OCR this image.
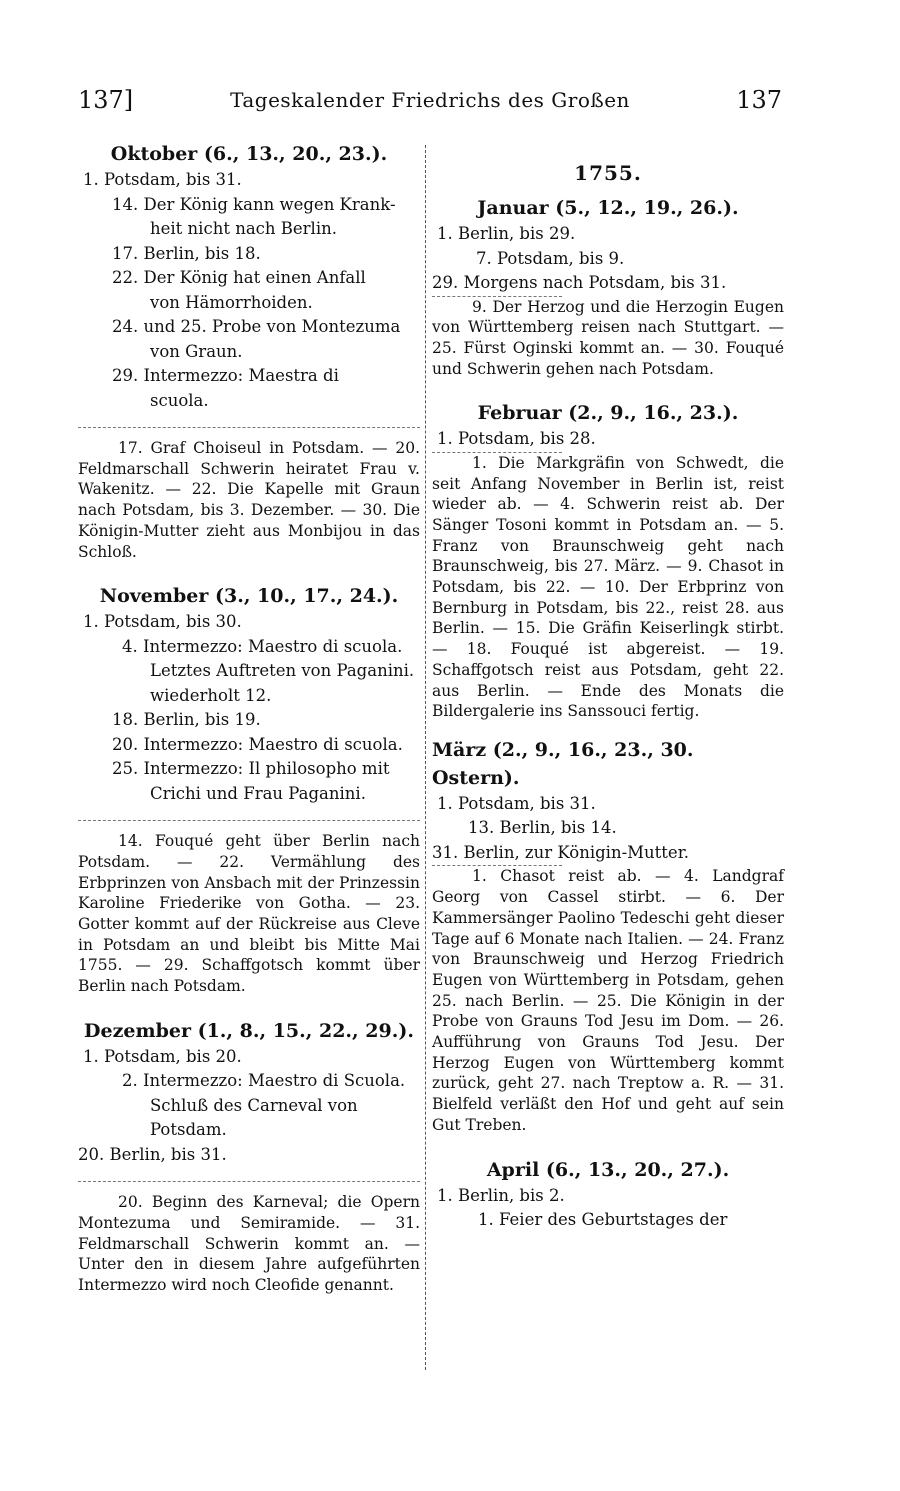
137]	Tageskalender Friedrichs des Großen	137
Oktober (6., 13., 20., 23.).
1. Potsdam, bis 31.
14. Der König kann wegen Krank-
heit nicht nach Berlin.
17. Berlin, bis 18.
22. Der König hat einen Anfall
von Hämorrhoiden.
24. und 25. Probe von Montezuma
von Graun.
29. Intermezzo: Maestra di
scuola.

17. Graf Choiseul in Potsdam. — 20. Feldmarschall Schwerin heiratet Frau v. Wakenitz. — 22. Die Kapelle mit Graun nach Potsdam, bis 3. Dezember. — 30. Die Königin-Mutter zieht aus Monbijou in das Schloß.

November (3., 10., 17., 24.).
1. Potsdam, bis 30.
4. Intermezzo: Maestro di scuola.
Letztes Auftreten von Paganini.
wiederholt 12.
18. Berlin, bis 19.
20. Intermezzo: Maestro di scuola.
25. Intermezzo: Il philosopho mit
Crichi und Frau Paganini.

14. Fouqué geht über Berlin nach Potsdam. — 22. Vermählung des Erbprinzen von Ansbach mit der Prinzessin Karoline Friederike von Gotha. — 23. Gotter kommt auf der Rückreise aus Cleve in Potsdam an und bleibt bis Mitte Mai 1755. — 29. Schaffgotsch kommt über Berlin nach Potsdam.

Dezember (1., 8., 15., 22., 29.).
1. Potsdam, bis 20.
2. Intermezzo: Maestro di Scuola.
Schluß des Carneval von
Potsdam.
20. Berlin, bis 31.

20. Beginn des Karneval; die Opern Montezuma und Semiramide. — 31. Feldmarschall Schwerin kommt an. — Unter den in diesem Jahre aufgeführten Intermezzo wird noch Cleofide genannt.

1755.
Januar (5., 12., 19., 26.).
1. Berlin, bis 29.
7. Potsdam, bis 9.
29. Morgens nach Potsdam, bis 31.

9. Der Herzog und die Herzogin Eugen von Württemberg reisen nach Stuttgart. — 25. Fürst Oginski kommt an. — 30. Fouqué und Schwerin gehen nach Potsdam.

Februar (2., 9., 16., 23.).
1. Potsdam, bis 28.

1. Die Markgräfin von Schwedt, die seit Anfang November in Berlin ist, reist wieder ab. — 4. Schwerin reist ab. Der Sänger Tosoni kommt in Potsdam an. — 5. Franz von Braunschweig geht nach Braunschweig, bis 27. März. — 9. Chasot in Potsdam, bis 22. — 10. Der Erbprinz von Bernburg in Potsdam, bis 22., reist 28. aus Berlin. — 15. Die Gräfin Keiserlingk stirbt. — 18. Fouqué ist abgereist. — 19. Schaffgotsch reist aus Potsdam, geht 22. aus Berlin. — Ende des Monats die Bildergalerie ins Sanssouci fertig.

März (2., 9., 16., 23., 30. Ostern).
1. Potsdam, bis 31.
13. Berlin, bis 14.
31. Berlin, zur Königin-Mutter.

1. Chasot reist ab. — 4. Landgraf Georg von Cassel stirbt. — 6. Der Kammersänger Paolino Tedeschi geht dieser Tage auf 6 Monate nach Italien. — 24. Franz von Braunschweig und Herzog Friedrich Eugen von Württemberg in Potsdam, gehen 25. nach Berlin. — 25. Die Königin in der Probe von Grauns Tod Jesu im Dom. — 26. Aufführung von Grauns Tod Jesu. Der Herzog Eugen von Württemberg kommt zurück, geht 27. nach Treptow a. R. — 31. Bielfeld verläßt den Hof und geht auf sein Gut Treben.

April (6., 13., 20., 27.).
1. Berlin, bis 2.
1. Feier des Geburtstages der
